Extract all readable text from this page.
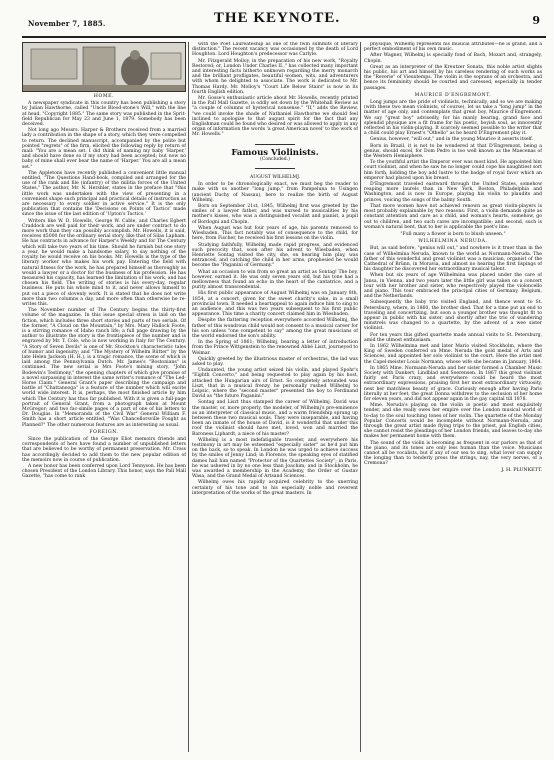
November 7, 1885.	THE KEYNOTE.	9

HOME.

A newspaper syndicate in this country has been publishing a story by Julian Hawthorne, called "Uncle Blood-stone's Will," with the line at head, "Copyright 1885." The same story was published in the Sprit-field Republican for May 23 and June 1, 1879. Somebody has been deceived.

Not long ago Messrs. Harper & Brothers received from a married lady a contribution in the shape of a story, which they were compelled to return. The declined manuscript, accompanied by the polite but pointed "regrets" of the firm, elicited the following reply by return of mail: "You are a mean set. I did think of naming my baby 'Harper,' and should have done so if my story had been accepted; but now no baby of mine shall ever bear the name of 'Harper.' You are all a mean set."

The Appletons have recently published a convenient little manual entitled, "The Questions Hand-book, compiled and arranged for the use of the rank and file (infantry) of the militia forces of the United States." The author, Mr. N. Hershler, states in the preface that "this little work was undertaken with the view of presenting in a convenient shape such principal and practical details of instruction as are necessary to every soldier in active service." It is the only publication that contains the 'Decisions on Points of Tactics' made since the issue of the last edition of 'Upton's Tactics.'

Writers like W. D. Howells, George W. Cable, and Charles Egbert Craddock are well paid for their work, and are under contract to do more work than they can possibly accomplish. Mr. Howells, it is said, receives $5000 for the ordinary serial story, like that of Silas Lapham. He has contracts in advance for Harper's Weekly and for The Century which will take two years of his time. Should he furnish but one story a year, he would make a handsome salary, to say nothing of the royalty he would receive on his books. Mr. Howells is the type of the literary worker who makes his work pay. Entering the field with natural fitness for the work, he has prepared himself as thoroughly as would a lawyer or a doctor for the business of his profession. He has measured his capacity, has learned the limitation of his work, and has chosen his field. The writing of stories is his every-day, regular business. He puts his whole mind to it, and never allows himself to put out a piece of slovenly work. It is stated that he does not write more than two columns a day, and more often than otherwise he re-writes this.

The November number of The Century begins the thirty-first volume of the magazine. In this issue special stress is laid on the fiction, which includes three short stories and parts of two serials. Of the former, "A Cloud on the Mountain," by Mrs. Mary Hallock Foote, is a stirring romance of Idaho ranch life; a full page drawing by the author to illustrate the story is the frontispiece of the number and is engraved by Mr. T. Cole, who is now working in Italy for The Century. "A Story of Seven Devils" is one of Mr. Stockton's characteristic tales of humor and ingenuity; and "The Mystery of Wilhelm Rütter" by the late Helen Jackson (H. H.), is a tragic romance, the scene of which is laid among the Pennsylvania Dutch. Mr. James's "Bostonians" is continued. The new serial is Mrs Foote's mining story, "John Bodewin's Testimony," the opening chapters of which give promise of a novel surpassing in interest the same writer's romance of "The Led-Horse Claim." General Grant's paper describing the campaign and battle of "Chattanooga" is a feature of the number which will excite world wide interest. It is, perhaps, the most finished article by him which The Century has thus far published. With it is given a full-page portrait of General Grant, from a photograph taken at Mount McGregor; and two fac-simile pages of a part of one of his letters to Dr. Douglas. In "Memoranda of the Civil War" General William F. Smith has a short article entitled, "Was Chancellorsville Fought as Planned?" The other numerous features are as interesting as usual.

FOREIGN.

Since the publication of the George Eliot memoirs friends and correspondents of hers have found a number of unpublished letters that are believed to be worthy of permanent preservation. Mr. Cross has accordingly decided to add them to the new popular edition of the memoirs now in course of publication.

A new honor has been conferred upon Lord Tennyson. He has been chosen President of the London Library. This honor, says the Pall Mall Gazette, "has come to rank

with the Poet Laureateship as one of the twin summits of literary distinction." The recent vacancy was occasioned by the death of Lord Houghton. Lord Houghton's predecessor was Carlyle.

Mr. Fitzgerald Molloy, in the preparation of his new work, "Royalty Restored; or, London Under Charles II.," has collected many important and interesting facts hitherto unknown regarding the merry monarch and the brilliant profligates, beautiful women, wits, and adventurers with whom he delighted to associate. The work is dedicated to Mr. Thomas Hardy. Mr. Molloy's "Court Life Below Stairs" is now in its fourth English edition.

Mr. Gosse's enthusiastic article about Mr. Howells, recently printed in the Pall Mall Gazette, is oddly set down by the Whitehall Review as "a couple of columns of hysterical nonsense." "If," adds the Review, "we could invoke the shade of Nathaniel Hawthorne we should feel inclined to apologize to that august spirit for the fact that any Englishman could be found who desired or was allowed to apply in any organ of information the words 'a great American novel' to the work of Mr. Howells."

Famous Violinists.

(Concluded.)

AUGUST WILHELMJ.

In order to be chronologically exact, we must beg the reader to make with us another "long jump," from Pampeluna to Usingen (ancient Duchy of Nassau), here to realize the birth of August Wilhelmj.

Born on September 21st, 1845, Wilhelmj first was greeted by the smiles of a lawyer father, and was nursed to musicalities by his mother's kisses, who was a distinguished vocalist and pianist, a pupil of Bordogni and Chopin.

When August was but four years of age, his parents removed to Wiesbaden. This fact notably was of consequence to the child, for here, from Fischer, he received his first lessons on the violin.

Studying faithfully, Wilhelmj made rapid progress, and evidenced such precocity that, soon after his advent to Wiesbaden, when Henriette Sontag visited the city, she, on hearing him play, was entranced, and catching the child in her arms, prophesied he would become the "Paganini of Germany."

What an occasion to win from so great an artist as Sontag! The boy, however, earned it. He was only seven years old, but his tone had a mellowness that found an echo in the heart of the cantatrice, and a purity almost transcendental.

His first public appearance of August Wilhelmj was on January 8th, 1854, at a concert, given for the sweet charity's sake, in a small provincial town. It needed a heartappeal to again induce him to sing to an audience, and this was two years subsequent to his first public appearance. This time a charity concert claimed him in Wiesbaden.

Despite the flattering reception everywhere accorded Wilhelmj, the father of this wondrous child would not consent to a musical career for his son unless "one competent to say" among the great musicians of the world endorsed the son's ability.

In the Spring of 1861; Wilhelmj, bearing a letter of introduction from the Prince Wittgenstein to the renowned Abbé Liszt, journeyed to Weimar.

Quickly greeted by the illustrious master of orchestras, the lad was asked to play.

Undaunted, the young artist seized his violin, and played Spohr's "Eighth Concerto," and being requested to play again by his host, attacked the Hungarian airs of Ernst. So completely astounded was Liszt, that in a musical frenzy, he personally rushed Wilhelmj to Leipsic, where the "second master" presented the boy to Ferdinand David as "the future Paganini."

Sontag and Liszt thus stamped the career of Wilhelmj. David was the master, or, more properly, the modeler, of Wilhelmj's pre-eminence as an interpreter of classical music, and a warm friendship sprang up between these two musical souls. They were inseparable, and having been an inmate of the house of David, is it wonderful that under this roof the violinist should have met, loved, won and married the Baroness Liphardt, a niece of his master?

Wilhelmj is a most indefatigable traveler, and everywhere his testimony in art may be esteemed "especially sister" as he'd put him on the back, so to speak. In London he was urged to achieve success by the smiles of Jenny Lind; in Florence, the speaking eyes of statified dames hail him named "Protector of the Quartettes Society"; in Paris, he was ushered in by no one less than Joachim; and in Stockholm, he was awarded a membership in the Academy, the Order of Gustav Wasa, and the Grand Medal of Artsand Sciences.

Wilhelmj owes his rapidly acquired celebrity to the unerring certainty of his tone and to his especially noble and reverent interpretation of the works of the great masters. In

physique, Wilhelmj represents his musical attributes—he is grand, and a perfect embodiment of his own music.

After Wagner, Wilhelmj is specially fond of Bach, Mozart and, strangely, Chopin.

Great as an interpreter of the Kreutzer Sonata, this noble artist slights his public, his art and himself by his careless rendering of such works as the "Reverie" of Vieuxtemps. The violin is the soprano of an orchestra, and hence its femininity should be courted and caressed, especially in tender passages.

MAURICE D'ENGREMONT.

Long jumps are the pride of violinists, technically, and so we are making (with these two mean violinists, of course), let us take a "long jump" in the matter of age only, and contemplate that great boy, Maurice d'Engremont. We say "great boy" advisedly, for his manly bearing, grand face and splendid physique are a fit frame for his poetic, boyish soul, as innocently reflected in his violin-playing. It scarcely seemed possible to the writer that a child could play Ernest's "Othello" as he heard D'Engremont play it.

Genius, however, "will out," and in the young Maurice it asserts itself.

Born in Brazil, it is not to be wondered at that D'Engremont, being a genius, should excel, for Dom Pedro is too well known as the Maecenas of the Western Hemisphere.

To the youthful artist the Emperor ever was most kind. He appointed him court violinist, and when he saw he no longer could cope his naughtiest sort him forth, bidding the boy add lustre to the badge of royal favor which an emperor had placed upon his breast.

D'Engremont traveled eastward through the United States, somehow reaping more laurels than in New York, Boston, Philadelphia and Washington, and is now in Europe, playing his violin to plaudits and princes, voicing the songs of the balmy South.

That more women have not achieved renown as great violin-players is most probably explainable by two reasons: First, a violin demands quite as constant attention and care as a child, and woman's hearts, somehow, go out to children, and two such cares are incompatible; and second, such is woman's natural bent, that to her is applicable the poet's line:

"Full many a flower is born to blush unseen."

WILHELMINA NERUDA.

But, as said before, "genius will out," and nowhere is it truer than in the case of Wilhelmina Neruda, known to the world as Normann-Neruda. The father of this wonderful and great violinist was a musician, organist of the Cathedral of Brünn, in Moravia, and almost no hearing the first lispings of his daughter he discovered her extraordinary musical talent.

When but six years of age Wilhelmina was placed under the care of Jansa, in Vienna, and two years later the little girl was taken on a concert tour with her brother and sister, who respectively played the violoncello and piano. This tour embraced the principal cities of Germany, Belgium, and the Netherlands.

Subsequently the baby trio visited England, and thence went to St. Petersburg, where, in 1860, the brother died. That for a time put an end to traveling and concertizing, but soon a younger brother was thought fit to appear in public with his sister, and shortly after the trio of wandering minstrels was changed to a quartette, by the advent of a wee sister violinist.

For ten years this gifted quartette made annual visits to St. Petersburg, amid the utmost enthusiasm.

In 1862 Wilhelmina met and later Mario visited Stockholm, where the King of Sweden conferred on Mme. Neruda the gold medal of Arts and Sciences, and appointed her solo violinist to the court. Here the artist met the Capel-meister Louis Normann, whose wife she became in January, 1864.

In 1865 Mme. Normann-Neruda and her sister formed a Chamber Music Society with Dankert, Lindblad and Soerensen. In 1867 this great violinist fairly set Paris crazy, and everywhere could be heard the most extraordinary expressions, praising first her most extraordinary virtuosity, next her matchless beauty of grace. Curiously enough after having Paris literally at her feet, the great Donna withdrew to the seclusion of her home for eleven years, and did not appear again in the gay capital till 1878.

Mme. Neruda's playing on the violin is poetic and most exquisitely tender, and she really owes her empire over the London musical world of to-day to the soul touching tones of her violin. The quartette of the Monday Popular Concerts would be incomplete without Normann-Neruda, and through the great artist made flying trips to the priest, pal English cities, she cannot resist the pleadings of her London friends, and leaves to-day she makes her permanent home with them.

The sound of the violin is becoming as frequent in our parlors as that of the piano, and its tones are only less human than the voice. Musicians cannot all be vocalists, but if any of our sex to sing, what lover can supply the longing than to tenderly press the strings, nay, the very nerves, of a Cremona?

J. H. PLUNKETT.
